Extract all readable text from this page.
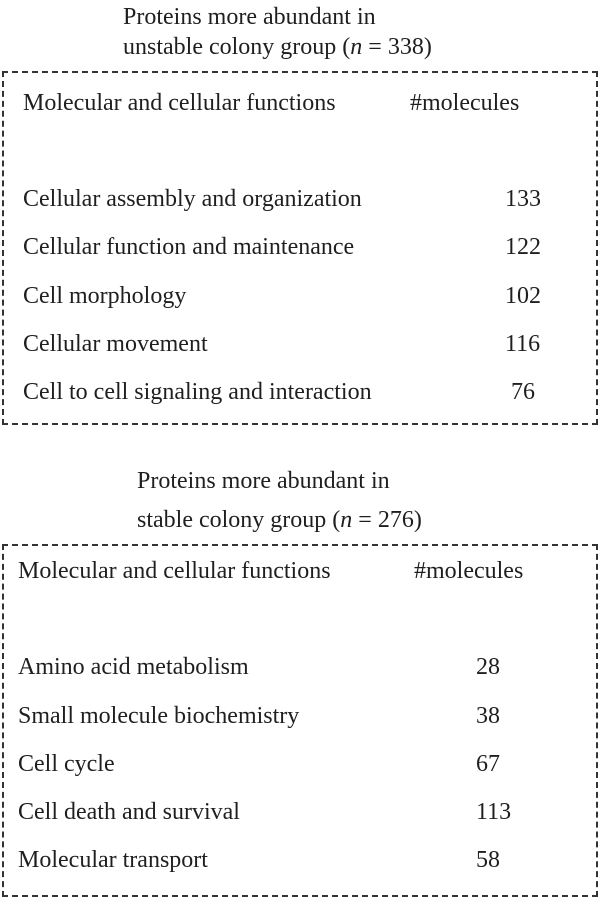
Proteins more abundant in
unstable colony group (n = 338)
Molecular and cellular functions	#molecules
Cellular assembly and organization	133
Cellular function and maintenance	122
Cell morphology	102
Cellular movement	116
Cell to cell signaling and interaction	76
Proteins more abundant in
stable colony group (n = 276)
Molecular and cellular functions	#molecules
Amino acid metabolism	28
Small molecule biochemistry	38
Cell cycle	67
Cell death and survival	113
Molecular transport	58
